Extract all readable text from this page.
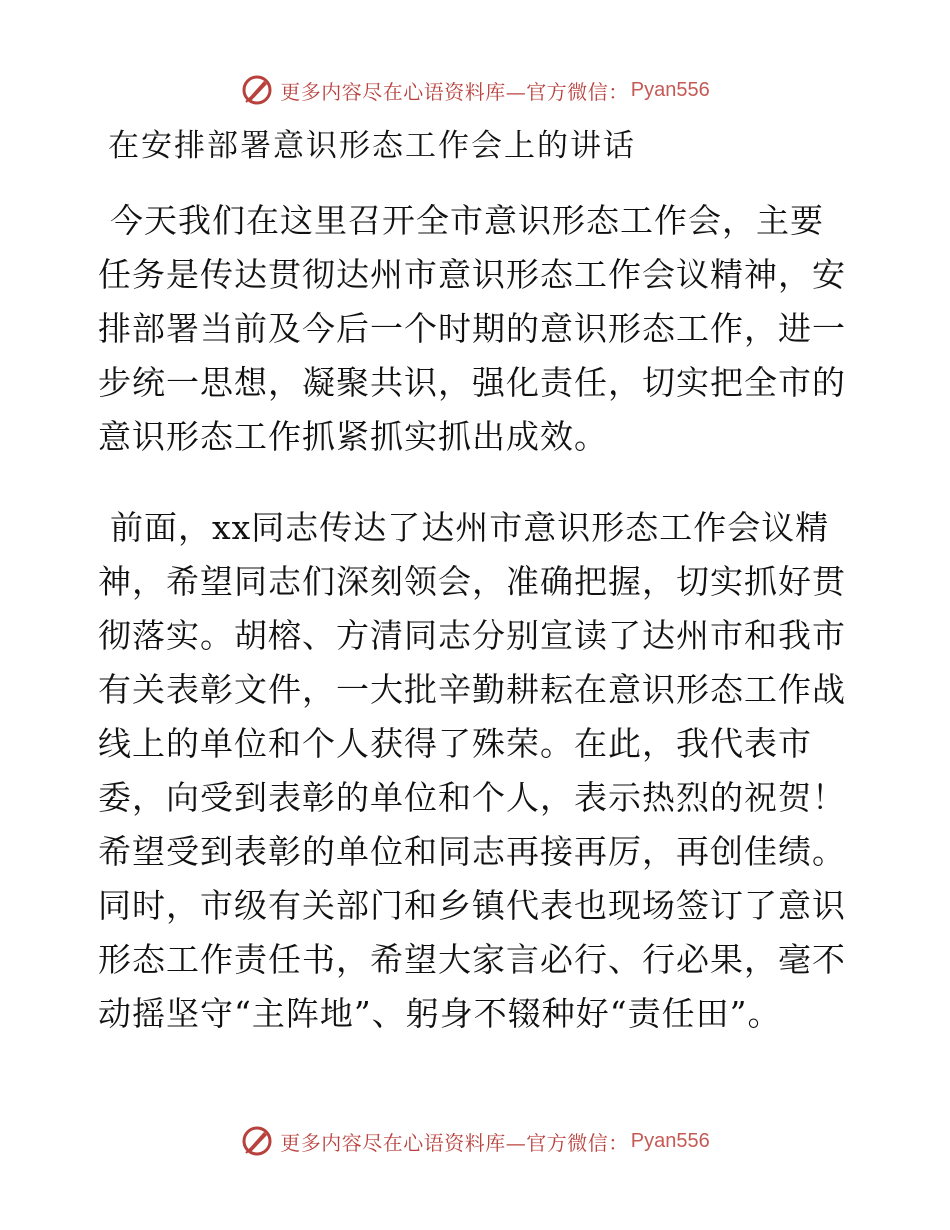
更多内容尽在心语资料库—官方微信： Pyan556
在安排部署意识形态工作会上的讲话
今天我们在这里召开全市意识形态工作会，主要
任务是传达贯彻达州市意识形态工作会议精神，安
排部署当前及今后一个时期的意识形态工作，进一
步统一思想，凝聚共识，强化责任，切实把全市的
意识形态工作抓紧抓实抓出成效。
前面，xx同志传达了达州市意识形态工作会议精
神，希望同志们深刻领会，准确把握，切实抓好贯
彻落实。胡榕、方清同志分别宣读了达州市和我市
有关表彰文件，一大批辛勤耕耘在意识形态工作战
线上的单位和个人获得了殊荣。在此，我代表市
委，向受到表彰的单位和个人，表示热烈的祝贺！
希望受到表彰的单位和同志再接再厉，再创佳绩。
同时，市级有关部门和乡镇代表也现场签订了意识
形态工作责任书，希望大家言必行、行必果，毫不
动摇坚守“主阵地”、躬身不辍种好“责任田”。
更多内容尽在心语资料库—官方微信： Pyan556
